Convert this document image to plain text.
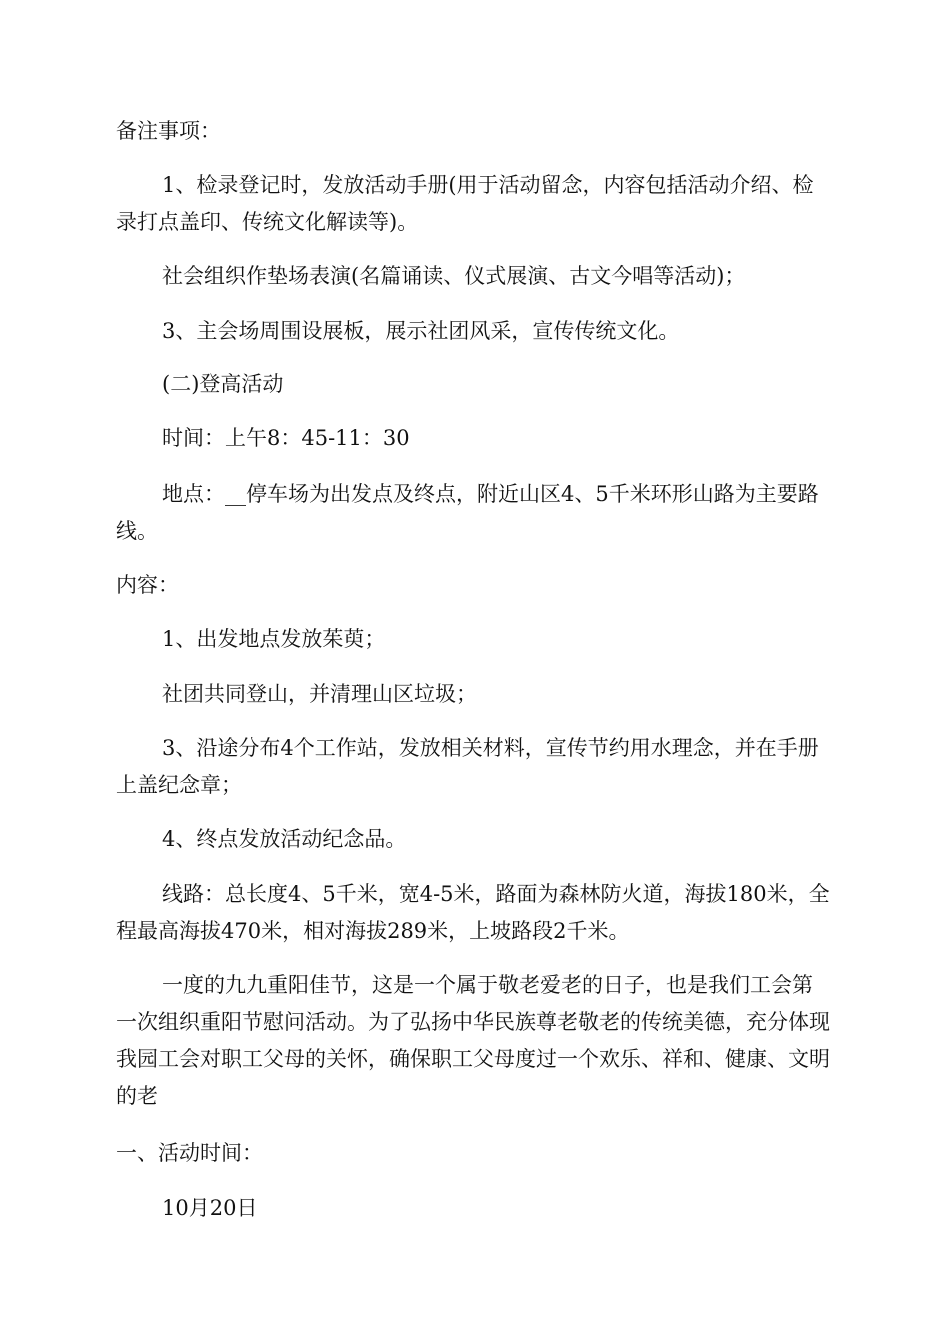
备注事项：

1、检录登记时，发放活动手册(用于活动留念，内容包括活动介绍、检录打点盖印、传统文化解读等)。

社会组织作垫场表演(名篇诵读、仪式展演、古文今唱等活动)；

3、主会场周围设展板，展示社团风采，宣传传统文化。

(二)登高活动

时间：上午8：45-11：30

地点：__停车场为出发点及终点，附近山区4、5千米环形山路为主要路线。

内容：

1、出发地点发放茱萸；

社团共同登山，并清理山区垃圾；

3、沿途分布4个工作站，发放相关材料，宣传节约用水理念，并在手册上盖纪念章；

4、终点发放活动纪念品。

线路：总长度4、5千米，宽4-5米，路面为森林防火道，海拔180米，全程最高海拔470米，相对海拔289米，上坡路段2千米。

一度的九九重阳佳节，这是一个属于敬老爱老的日子，也是我们工会第一次组织重阳节慰问活动。为了弘扬中华民族尊老敬老的传统美德，充分体现我园工会对职工父母的关怀，确保职工父母度过一个欢乐、祥和、健康、文明的老

一、活动时间：

10月20日
